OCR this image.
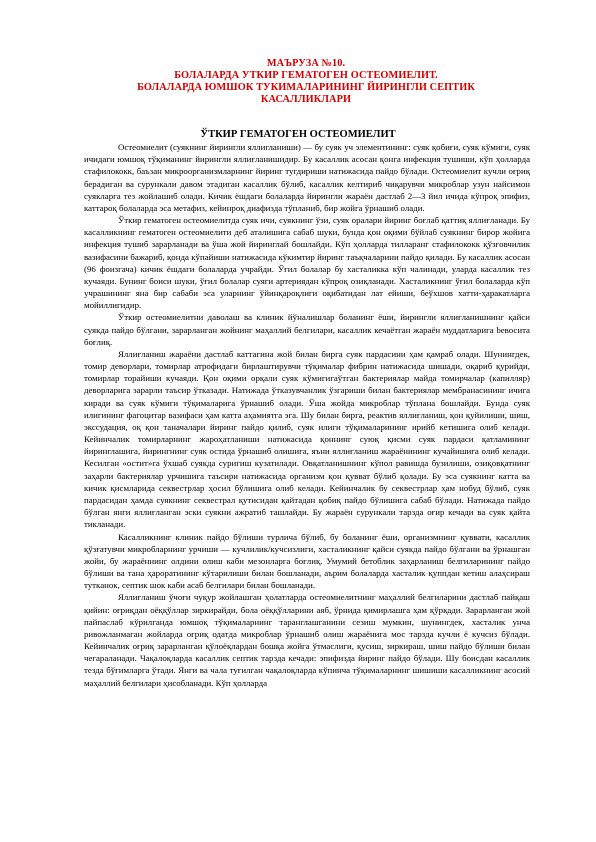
МАЪРУЗА №10.
БОЛАЛАРДА УТКИР ГЕМАТОГЕН ОСТЕОМИЕЛИТ.
БОЛАЛАРДА ЮМШОК ТУКИМАЛАРИНИНГ ЙИРИНГЛИ СЕПТИК
КАСАЛЛИКЛАРИ
ЎТКИР ГЕМАТОГЕН ОСТЕОМИЕЛИТ

Остеомиелит (суякнинг йирингли яллигланиши) — бу суяк уч элементининг: суяк қобиғи, суяк кўмиги, суяк ичидаги юмшоқ тўқиманинг йирингли яллиғланишидир. Бу касаллик асосан қонга инфекция тушиши, кўп ҳолларда стафилококк, баъзан микроорганизмларнинг йиринг тугдириши натижасида пайдо бўлади. Остеомиелит кучли оғриқ берадиган ва сурункали давом этадиган касаллик бўлиб, касаллик келтириб чиқарувчи микроблар узун найсимон суякларга тез жойлашиб олади. Кичик ёшдаги болаларда йирингли жараён дастлаб 2—3 йил ичида кўпроқ эпифиз, каттароқ болаларда эса метафиз, кейинроқ диафизда тўпланиб, бир жойга ўрнашиб олади.

Ўткир гематоген остеомиелитда суяк ичи, суякнинг ўзи, суяк оралари йиринг боғлаб қаттиқ яллиғланади. Бу касалликнинг гематоген остеомиелити деб аталишига сабаб шуки, бунда қон оқими бўйлаб суякнинг бирор жойига инфекция тушиб зарарланади ва ўша жой йиринглай бошлайди. Кўп ҳолларда тилларанг стафилококк қўзғовчилик вазифасини бажариб, қонда кўпайиши натижасида кўкимтир йиринг таъқчаларини пайдо қилади. Бу касаллик асосан (96 фоизгача) кичик ёшдаги болаларда учрайди. Ўғил болалар бу хасталикка кўп чалинади, уларда касаллик тез кучаяди. Бунинг боиси шуки, ўғил болалар суяги артериядан кўпроқ озиқланади. Хасталикнинг ўғил болаларда кўп учрашининг яна бир сабаби эса уларнинг ўйинқароқлиги оқибатидан лат ейиши, беўхшов хатти-ҳаракатларга мойиллигидир.

Ўткир остеомиелитни даволаш ва клиник йўналишлар боланинг ёши, йирингли яллиғланишнинг қайси суякда пайдо бўлгани, зарарланган жойнинг маҳаллий белгилари, касаллик кечаётган жараён муддатларига bевосита боғлиқ.

Яллиғланиш жараёни дастлаб каттагина жой билан бирга суяк пардасини ҳам қамраб олади. Шунингдек, томир деворлари, томирлар атрофидаги бирлаштирувчи тўқималар фибрин натижасида шишади, оқариб қурийди, томирлар торайиши кучаяди. Қон оқими орқали суяк кўмигигаўтган бактериялар майда томирчалар (капилляр) деворларига зарарли таъсир ўтказади. Натижада ўтказувчанлик ўзгариши билан бактериялар мембранасининг ичига киради ва суяк кўмиги тўқималарига ўрнашиб олади. Ўша жойда микроблар тўплана бошлайди. Бунда суяк илигининг фагоцитар вазифаси ҳам катта аҳамиятга эга. Шу билан бирга, реактив яллиғланиш, қон қуйилиши, шиш, экссудация, оқ қон таначалари йиринг пайдо қилиб, суяк илиги тўқималарининг ирийб кетишига олиб келади. Кейинчалик томирларнинг жароҳатланиши натижасида қоннинг суюқ қисми суяк пардаси қатламининг йиринглашига, йирингнинг суяк остида ўрнашиб олишига, яъни яллиғланиш жараёнининг кучайишига олиб келади. Кесилган «остит»га ўхшаб суякда суригиш кузатилади. Овқатланишнинг кўпол равишда бузилиши, озиқовқатнинг заҳарли бактериялар урчишига таъсири натижасида организм қон қувват бўлиб қолади. Бу эса суякнинг катта ва кичик қисмларида секвестрлар ҳосил бўлишига олиб келади. Кейинчалик бу секвестрлар ҳам нобуд бўлиб, суяк пардасидан ҳамда суякнинг секвестрал қутисидан қайтадан қобиқ пайдо бўлишига сабаб бўлади. Натижада пайдо бўлган янги яллиғланган эски суякни ажратиб ташлайди. Бу жараён сурункали тарзда оғир кечади ва суяк қайта тикланади.

Касалликнинг клиник пайдо бўлиши турлича бўлиб, бу боланинг ёши, организмнинг қуввати, касаллик қўзғатувчи микробларнинг урчиши — кучлилик/кучсизлиги, хасталикнинг қайси суякда пайдо бўлгани ва ўрнашган жойи, бу жараённинг олдини олиш каби мезонларга боғлиқ. Умумий бетоблик заҳарланиш белгиларининг пайдо бўлиши ва тана ҳароратининг кўтарилиши билан бошланади, аърим болаларда хасталик қуппдан кетиш алаҳсираш тутканок, септик шок каби асаб белгилари билан бошланади.

Яллиғланиш ўчоғи чуқур жойлашган ҳолатларда остеомиелитнинг маҳаллий белгиларини дастлаб пайқаш қийин: оғриқдан оёққўллар зиркирайди, бола оёққўлларини аяб, ўрнида қимирлашга ҳам қўрқади. Зарарланган жой пайпаслаб кўрилганда юмшоқ тўқималарнинг таранглашганини сезиш мумкин, шунингдек, хасталик унча ривожланмаган жойларда оғриқ одатда микроблар ўрнашиб олиш жараёнига мос тарзда кучли ё кучсиз бўлади. Кейинчалик оғриқ зарарланган қўлоёқлардан бошқа жойга ўтмаслиги, қусиш, зиркираш, шиш пайдо бўлиши билан чегараланади. Чақалоқларда касаллик септик тарзда кечади: эпифизда йиринг пайдо бўлади. Шу боисдан касаллик тезда бўғимларга ўтади. Янги ва чала туғилган чақалоқларда кўпинча тўқималарнинг шишиши касалликнинг асосий маҳаллий белгилари ҳисобланади. Кўп ҳолларда
